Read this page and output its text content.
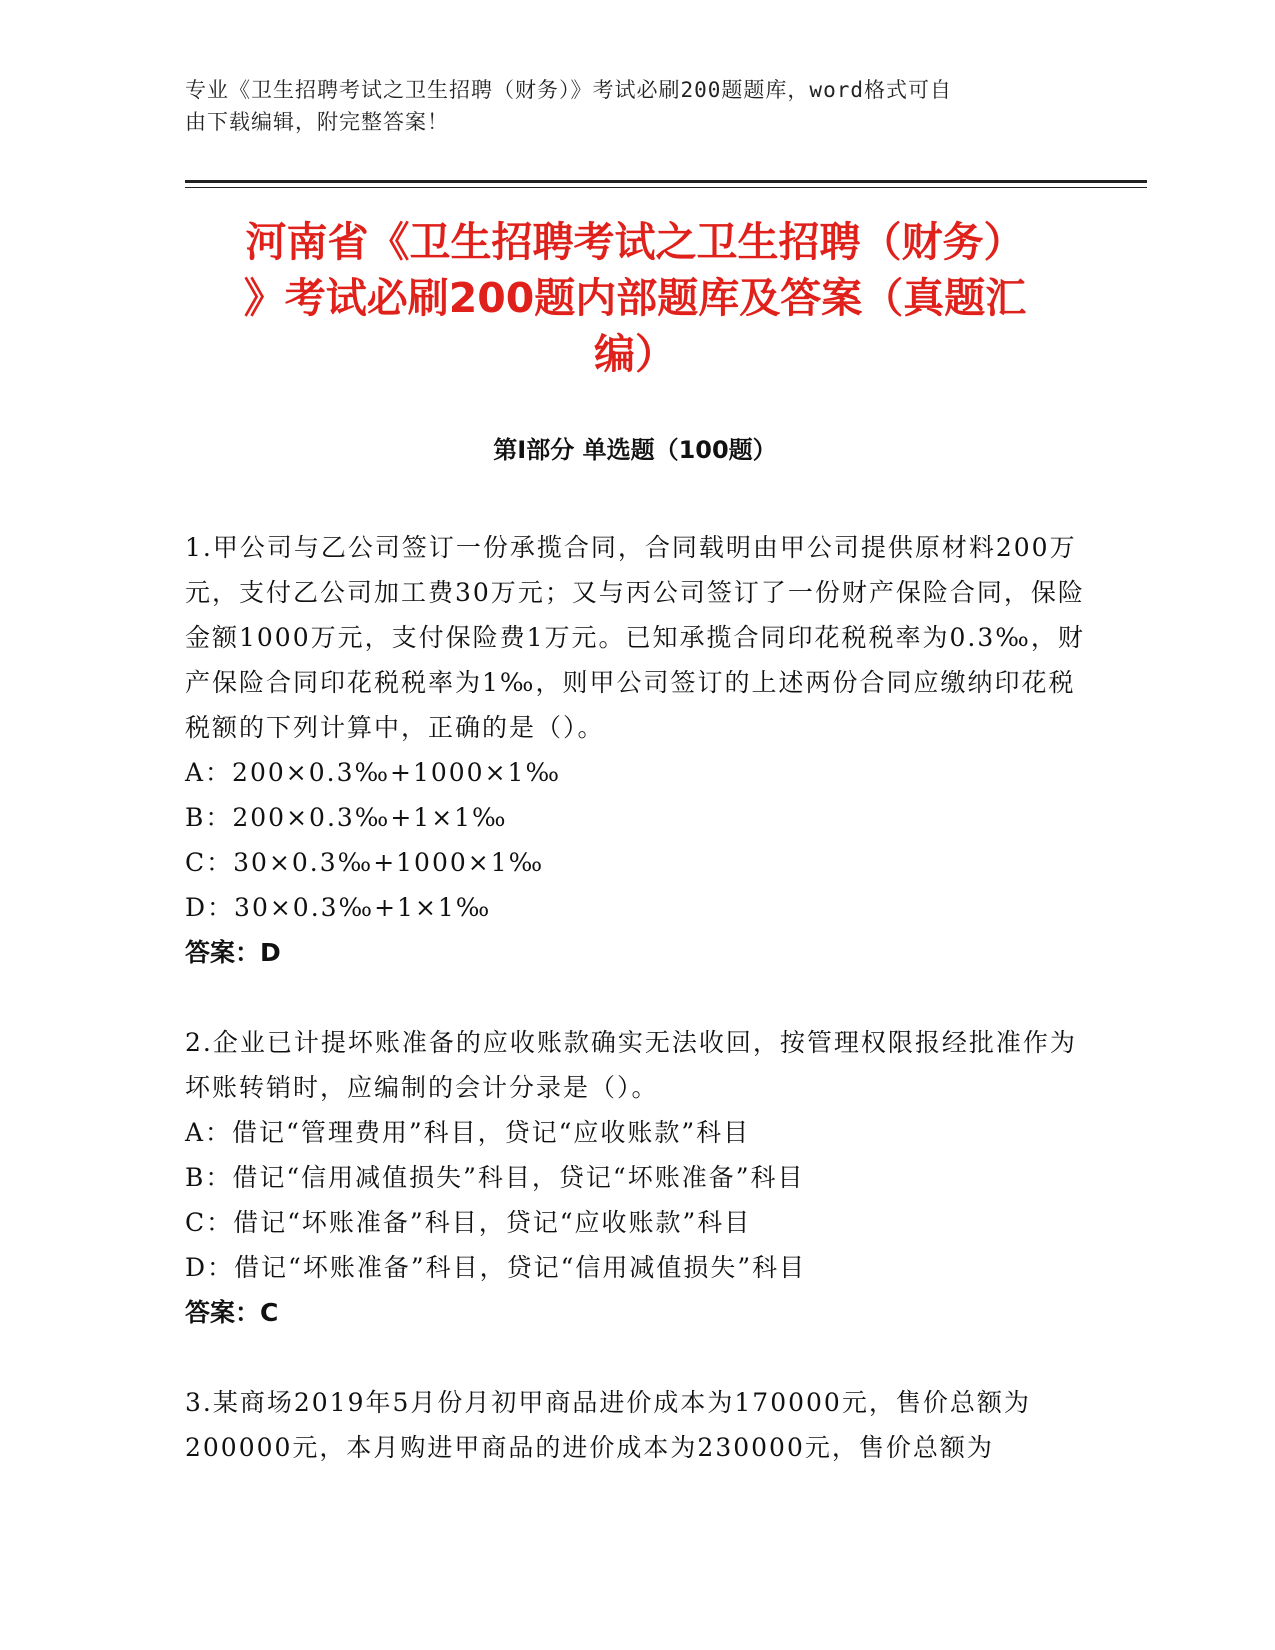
专业《卫生招聘考试之卫生招聘（财务）》考试必刷200题题库，word格式可自
由下载编辑，附完整答案！
河南省《卫生招聘考试之卫生招聘（财务）
》考试必刷200题内部题库及答案（真题汇
编）
第Ⅰ部分 单选题（100题）
1.甲公司与乙公司签订一份承揽合同，合同载明由甲公司提供原材料200万元，支付乙公司加工费30万元；又与丙公司签订了一份财产保险合同，保险金额1000万元，支付保险费1万元。已知承揽合同印花税税率为0.3‰，财产保险合同印花税税率为1‰，则甲公司签订的上述两份合同应缴纳印花税税额的下列计算中，正确的是（）。
A：200×0.3‰+1000×1‰
B：200×0.3‰+1×1‰
C：30×0.3‰+1000×1‰
D：30×0.3‰+1×1‰
答案：D
2.企业已计提坏账准备的应收账款确实无法收回，按管理权限报经批准作为坏账转销时，应编制的会计分录是（）。
A：借记“管理费用”科目，贷记“应收账款”科目
B：借记“信用减值损失”科目，贷记“坏账准备”科目
C：借记“坏账准备”科目，贷记“应收账款”科目
D：借记“坏账准备”科目，贷记“信用减值损失”科目
答案：C
3.某商场2019年5月份月初甲商品进价成本为170000元，售价总额为200000元，本月购进甲商品的进价成本为230000元，售价总额为
